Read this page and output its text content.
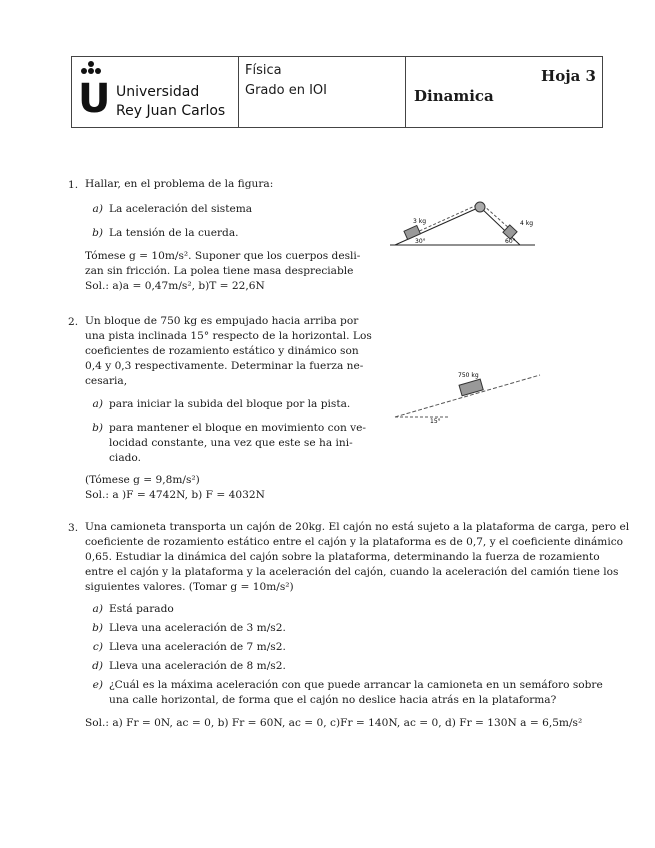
U Universidad
Rey Juan Carlos
Física
Grado en IOI	Dinamica
Hoja 3
1. Hallar, en el problema de la figura:
a) La aceleración del sistema
b) La tensión de la cuerda.
Tómese g = 10m/s². Suponer que los cuerpos desli-
zan sin fricción. La polea tiene masa despreciable
Sol.: a)a = 0,47m/s², b)T = 22,6N
3 kg	4 kg
30°	60°
2. Un bloque de 750 kg es empujado hacia arriba por
una pista inclinada 15° respecto de la horizontal. Los
coeficientes de rozamiento estático y dinámico son
0,4 y 0,3 respectivamente. Determinar la fuerza ne-
cesaria,
a) para iniciar la subida del bloque por la pista.
b) para mantener el bloque en movimiento con ve-
locidad constante, una vez que este se ha ini-
ciado.
(Tómese g = 9,8m/s²)
Sol.: a )F = 4742N, b) F = 4032N
750 kg
15°
3. Una camioneta transporta un cajón de 20kg. El cajón no está sujeto a la plataforma de carga, pero el
coeficiente de rozamiento estático entre el cajón y la plataforma es de 0,7, y el coeficiente dinámico
0,65. Estudiar la dinámica del cajón sobre la plataforma, determinando la fuerza de rozamiento
entre el cajón y la plataforma y la aceleración del cajón, cuando la aceleración del camión tiene los
siguientes valores. (Tomar g = 10m/s²)
a) Está parado
b) Lleva una aceleración de 3 m/s2.
c) Lleva una aceleración de 7 m/s2.
d) Lleva una aceleración de 8 m/s2.
e) ¿Cuál es la máxima aceleración con que puede arrancar la camioneta en un semáforo sobre
una calle horizontal, de forma que el cajón no deslice hacia atrás en la plataforma?
Sol.: a) Fr = 0N, ac = 0, b) Fr = 60N, ac = 0, c)Fr = 140N, ac = 0, d) Fr = 130N a = 6,5m/s²
